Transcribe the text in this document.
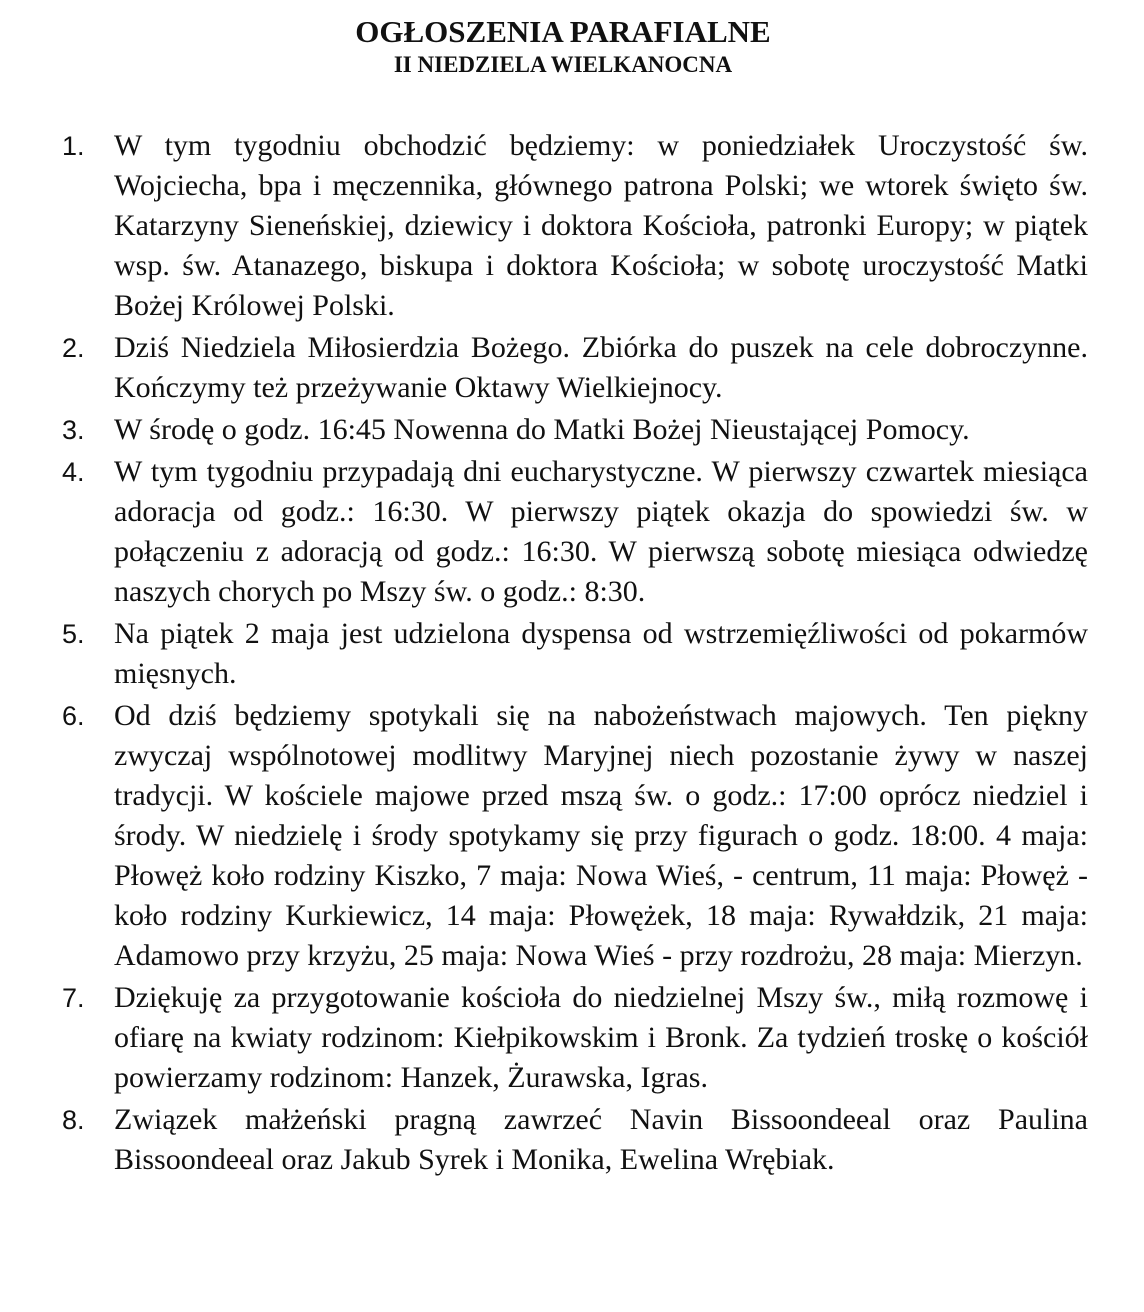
OGŁOSZENIA PARAFIALNE
II NIEDZIELA WIELKANOCNA
1. W tym tygodniu obchodzić będziemy: w poniedziałek Uroczystość św. Wojciecha, bpa i męczennika, głównego patrona Polski; we wtorek święto św. Katarzyny Sieneńskiej, dziewicy i doktora Kościoła, patronki Europy; w piątek wsp. św. Atanazego, biskupa i doktora Kościoła; w sobotę uroczystość Matki Bożej Królowej Polski.
2. Dziś Niedziela Miłosierdzia Bożego. Zbiórka do puszek na cele dobroczynne. Kończymy też przeżywanie Oktawy Wielkiejnocy.
3. W środę o godz. 16:45 Nowenna do Matki Bożej Nieustającej Pomocy.
4. W tym tygodniu przypadają dni eucharystyczne. W pierwszy czwartek miesiąca adoracja od godz.: 16:30. W pierwszy piątek okazja do spowiedzi św. w połączeniu z adoracją od godz.: 16:30. W pierwszą sobotę miesiąca odwiedzę naszych chorych po Mszy św. o godz.: 8:30.
5. Na piątek 2 maja jest udzielona dyspensa od wstrzemięźliwości od pokarmów mięsnych.
6. Od dziś będziemy spotykali się na nabożeństwach majowych. Ten piękny zwyczaj wspólnotowej modlitwy Maryjnej niech pozostanie żywy w naszej tradycji. W kościele majowe przed mszą św. o godz.: 17:00 oprócz niedziel i środy. W niedzielę i środy spotykamy się przy figurach o godz. 18:00. 4 maja: Płowęż koło rodziny Kiszko, 7 maja: Nowa Wieś, - centrum, 11 maja: Płowęż - koło rodziny Kurkiewicz, 14 maja: Płowężek, 18 maja: Rywałdzik, 21 maja: Adamowo przy krzyżu, 25 maja: Nowa Wieś - przy rozdrożu, 28 maja: Mierzyn.
7. Dziękuję za przygotowanie kościoła do niedzielnej Mszy św., miłą rozmowę i ofiarę na kwiaty rodzinom: Kiełpikowskim i Bronk. Za tydzień troskę o kościół powierzamy rodzinom: Hanzek, Żurawska, Igras.
8. Związek małżeński pragną zawrzeć Navin Bissoondeeal oraz Paulina Bissoondeeal oraz Jakub Syrek i Monika, Ewelina Wrębiak.
